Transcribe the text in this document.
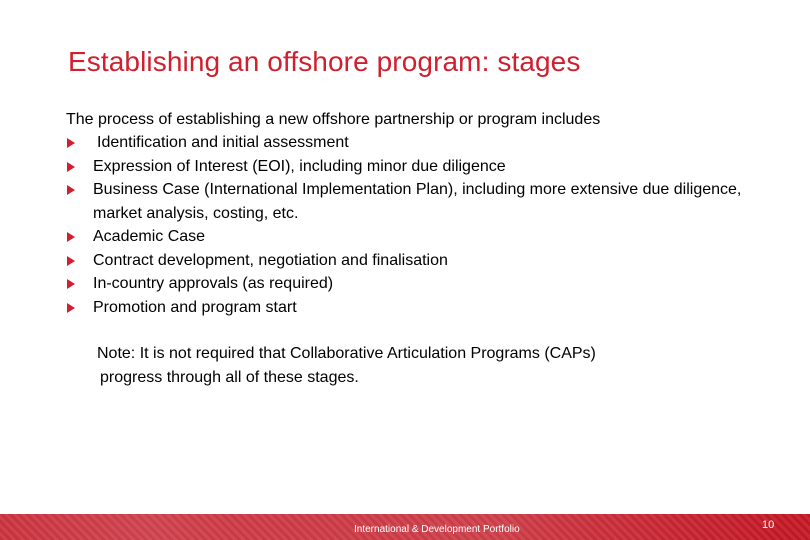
Establishing an offshore program: stages

The process of establishing a new offshore partnership or program includes

Identification and initial assessment
Expression of Interest (EOI), including minor due diligence
Business Case (International Implementation Plan), including more extensive due diligence, market analysis, costing, etc.
Academic Case
Contract development, negotiation and finalisation
In-country approvals (as required)
Promotion and program start
Note: It is not required that Collaborative Articulation Programs (CAPs)
progress through all of these stages.
International & Development Portfolio	10
